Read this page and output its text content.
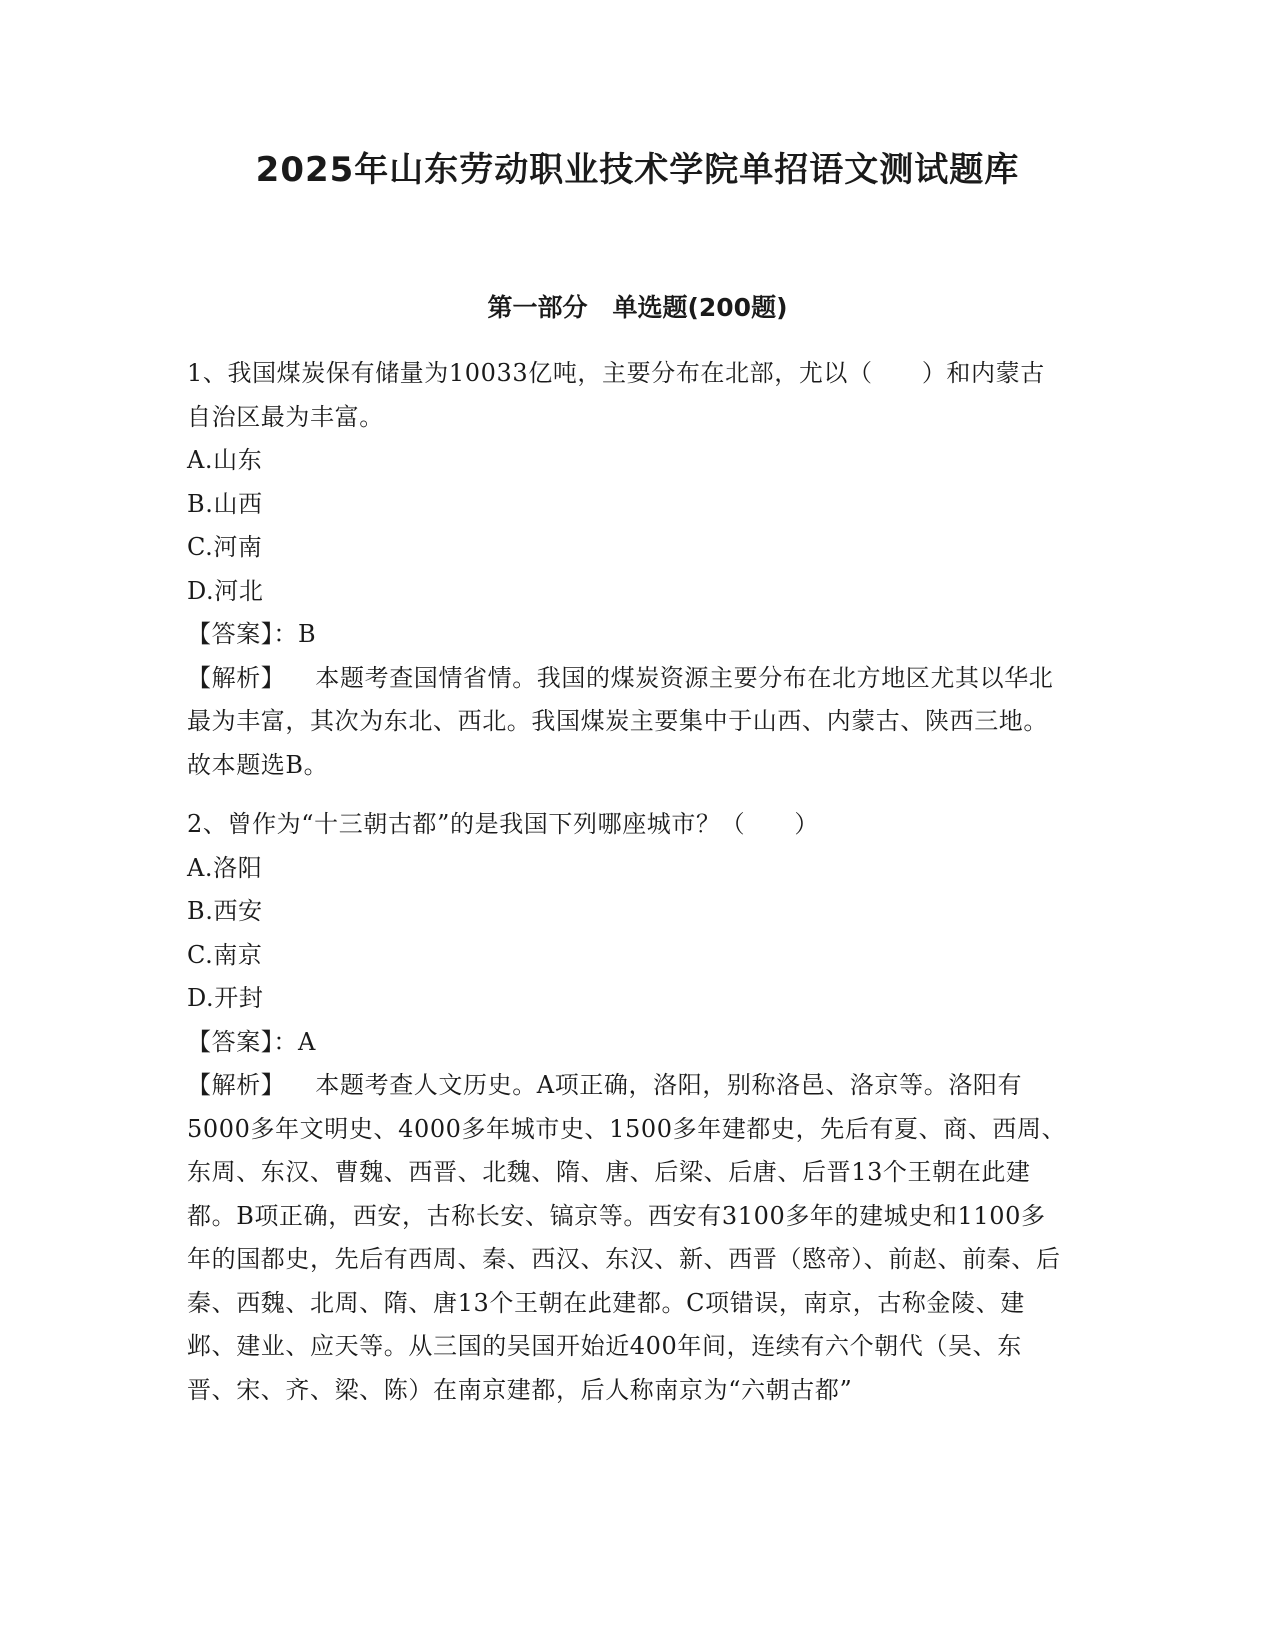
2025年山东劳动职业技术学院单招语文测试题库
第一部分　单选题(200题)

1、我国煤炭保有储量为10033亿吨，主要分布在北部，尤以（　　）和内蒙古自治区最为丰富。

A.山东

B.山西

C.河南

D.河北

【答案】：B

【解析】 本题考查国情省情。我国的煤炭资源主要分布在北方地区尤其以华北最为丰富，其次为东北、西北。我国煤炭主要集中于山西、内蒙古、陕西三地。故本题选B。

2、曾作为“十三朝古都”的是我国下列哪座城市？（　　）

A.洛阳

B.西安

C.南京

D.开封

【答案】：A

【解析】 本题考查人文历史。A项正确，洛阳，别称洛邑、洛京等。洛阳有5000多年文明史、4000多年城市史、1500多年建都史，先后有夏、商、西周、东周、东汉、曹魏、西晋、北魏、隋、唐、后梁、后唐、后晋13个王朝在此建都。B项正确，西安，古称长安、镐京等。西安有3100多年的建城史和1100多年的国都史，先后有西周、秦、西汉、东汉、新、西晋（愍帝）、前赵、前秦、后秦、西魏、北周、隋、唐13个王朝在此建都。C项错误，南京，古称金陵、建邺、建业、应天等。从三国的吴国开始近400年间，连续有六个朝代（吴、东晋、宋、齐、梁、陈）在南京建都，后人称南京为“六朝古都”
